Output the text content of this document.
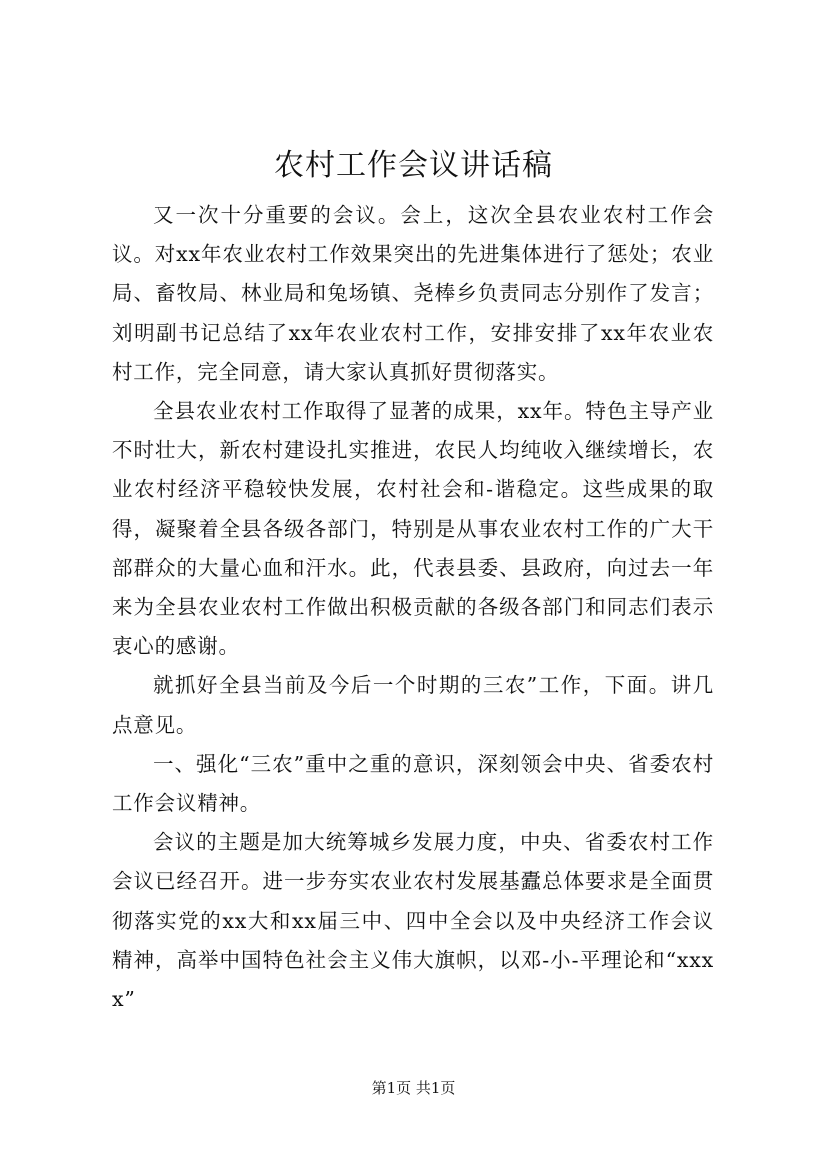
农村工作会议讲话稿

又一次十分重要的会议。会上，这次全县农业农村工作会议。对xx年农业农村工作效果突出的先进集体进行了惩处；农业局、畜牧局、林业局和兔场镇、尧棒乡负责同志分别作了发言；刘明副书记总结了xx年农业农村工作，安排安排了xx年农业农村工作，完全同意，请大家认真抓好贯彻落实。

全县农业农村工作取得了显著的成果，xx年。特色主导产业不时壮大，新农村建设扎实推进，农民人均纯收入继续增长，农业农村经济平稳较快发展，农村社会和-谐稳定。这些成果的取得，凝聚着全县各级各部门，特别是从事农业农村工作的广大干部群众的大量心血和汗水。此，代表县委、县政府，向过去一年来为全县农业农村工作做出积极贡献的各级各部门和同志们表示衷心的感谢。

就抓好全县当前及今后一个时期的三农”工作，下面。讲几点意见。

一、强化“三农”重中之重的意识，深刻领会中央、省委农村工作会议精神。

会议的主题是加大统筹城乡发展力度，中央、省委农村工作会议已经召开。进一步夯实农业农村发展基蠹总体要求是全面贯彻落实党的xx大和xx届三中、四中全会以及中央经济工作会议精神，高举中国特色社会主义伟大旗帜，以邓-小-平理论和“xxxx”

第1页 共1页
